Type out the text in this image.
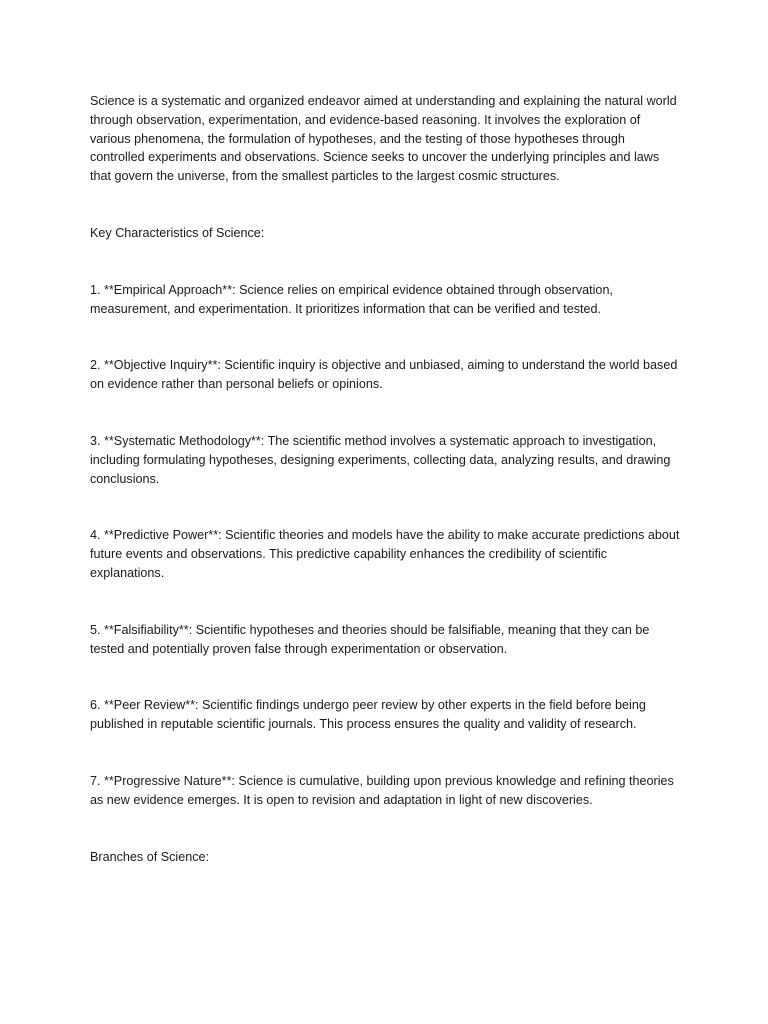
Science is a systematic and organized endeavor aimed at understanding and explaining the natural world through observation, experimentation, and evidence-based reasoning. It involves the exploration of various phenomena, the formulation of hypotheses, and the testing of those hypotheses through controlled experiments and observations. Science seeks to uncover the underlying principles and laws that govern the universe, from the smallest particles to the largest cosmic structures.

Key Characteristics of Science:

1. **Empirical Approach**: Science relies on empirical evidence obtained through observation, measurement, and experimentation. It prioritizes information that can be verified and tested.

2. **Objective Inquiry**: Scientific inquiry is objective and unbiased, aiming to understand the world based on evidence rather than personal beliefs or opinions.

3. **Systematic Methodology**: The scientific method involves a systematic approach to investigation, including formulating hypotheses, designing experiments, collecting data, analyzing results, and drawing conclusions.

4. **Predictive Power**: Scientific theories and models have the ability to make accurate predictions about future events and observations. This predictive capability enhances the credibility of scientific explanations.

5. **Falsifiability**: Scientific hypotheses and theories should be falsifiable, meaning that they can be tested and potentially proven false through experimentation or observation.

6. **Peer Review**: Scientific findings undergo peer review by other experts in the field before being published in reputable scientific journals. This process ensures the quality and validity of research.

7. **Progressive Nature**: Science is cumulative, building upon previous knowledge and refining theories as new evidence emerges. It is open to revision and adaptation in light of new discoveries.

Branches of Science:
